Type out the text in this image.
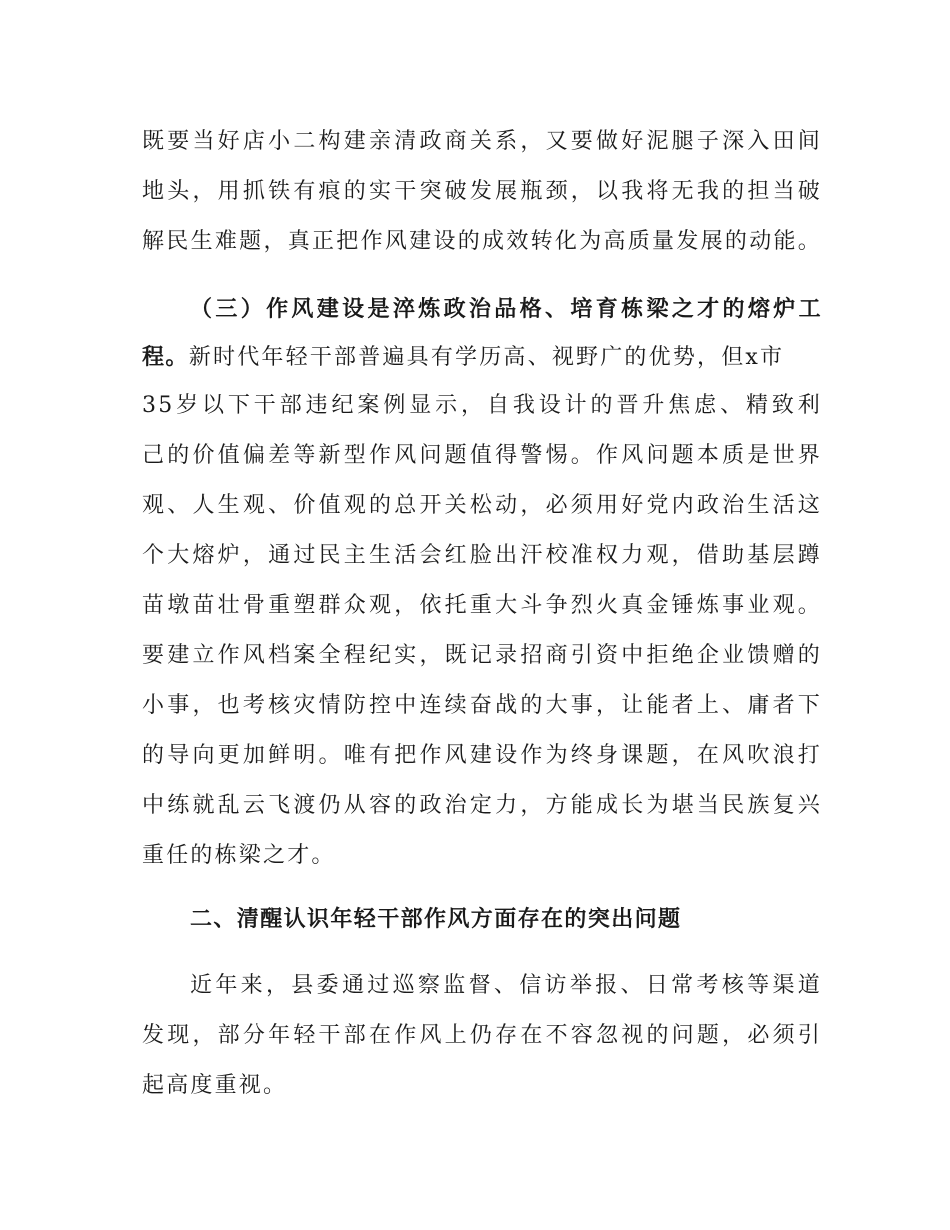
既要当好店小二构建亲清政商关系，又要做好泥腿子深入田间
地头，用抓铁有痕的实干突破发展瓶颈，以我将无我的担当破
解民生难题，真正把作风建设的成效转化为高质量发展的动能。
（三）作风建设是淬炼政治品格、培育栋梁之才的熔炉工
程。新时代年轻干部普遍具有学历高、视野广的优势，但x市
35岁以下干部违纪案例显示，自我设计的晋升焦虑、精致利
己的价值偏差等新型作风问题值得警惕。作风问题本质是世界
观、人生观、价值观的总开关松动，必须用好党内政治生活这
个大熔炉，通过民主生活会红脸出汗校准权力观，借助基层蹲
苗墩苗壮骨重塑群众观，依托重大斗争烈火真金锤炼事业观。
要建立作风档案全程纪实，既记录招商引资中拒绝企业馈赠的
小事，也考核灾情防控中连续奋战的大事，让能者上、庸者下
的导向更加鲜明。唯有把作风建设作为终身课题，在风吹浪打
中练就乱云飞渡仍从容的政治定力，方能成长为堪当民族复兴
重任的栋梁之才。
二、清醒认识年轻干部作风方面存在的突出问题
近年来，县委通过巡察监督、信访举报、日常考核等渠道
发现，部分年轻干部在作风上仍存在不容忽视的问题，必须引
起高度重视。
